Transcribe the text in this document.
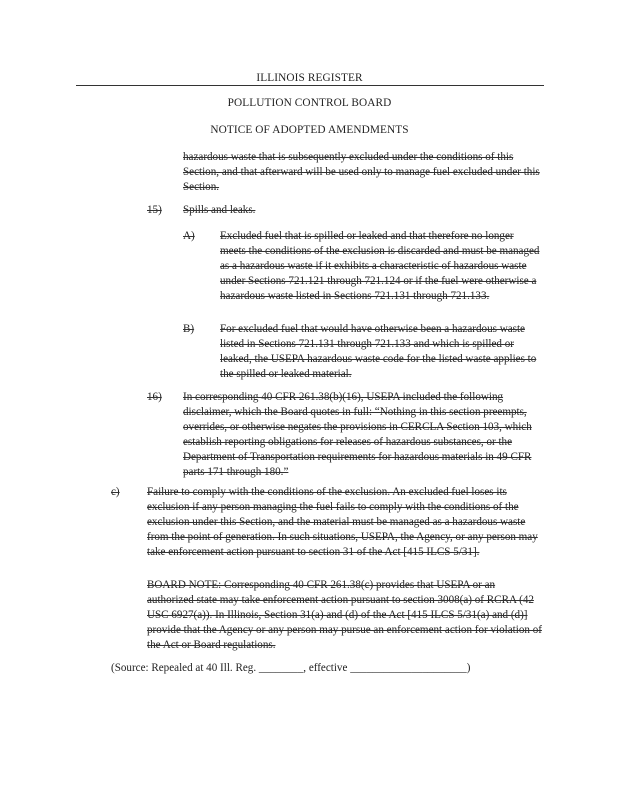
ILLINOIS REGISTER
POLLUTION CONTROL BOARD
NOTICE OF ADOPTED AMENDMENTS

hazardous waste that is subsequently excluded under the conditions of this Section, and that afterward will be used only to manage fuel excluded under this Section.

15) Spills and leaks.
A) Excluded fuel that is spilled or leaked and that therefore no longer meets the conditions of the exclusion is discarded and must be managed as a hazardous waste if it exhibits a characteristic of hazardous waste under Sections 721.121 through 721.124 or if the fuel were otherwise a hazardous waste listed in Sections 721.131 through 721.133.

B) For excluded fuel that would have otherwise been a hazardous waste listed in Sections 721.131 through 721.133 and which is spilled or leaked, the USEPA hazardous waste code for the listed waste applies to the spilled or leaked material.

16) In corresponding 40 CFR 261.38(b)(16), USEPA included the following disclaimer, which the Board quotes in full: “Nothing in this section preempts, overrides, or otherwise negates the provisions in CERCLA Section 103, which establish reporting obligations for releases of hazardous substances, or the Department of Transportation requirements for hazardous materials in 49 CFR parts 171 through 180.”

c) Failure to comply with the conditions of the exclusion. An excluded fuel loses its exclusion if any person managing the fuel fails to comply with the conditions of the exclusion under this Section, and the material must be managed as a hazardous waste from the point of generation. In such situations, USEPA, the Agency, or any person may take enforcement action pursuant to section 31 of the Act [415 ILCS 5/31].

BOARD NOTE: Corresponding 40 CFR 261.38(c) provides that USEPA or an authorized state may take enforcement action pursuant to section 3008(a) of RCRA (42 USC 6927(a)). In Illinois, Section 31(a) and (d) of the Act [415 ILCS 5/31(a) and (d)] provide that the Agency or any person may pursue an enforcement action for violation of the Act or Board regulations.

(Source: Repealed at 40 Ill. Reg. ________, effective _____________________)
